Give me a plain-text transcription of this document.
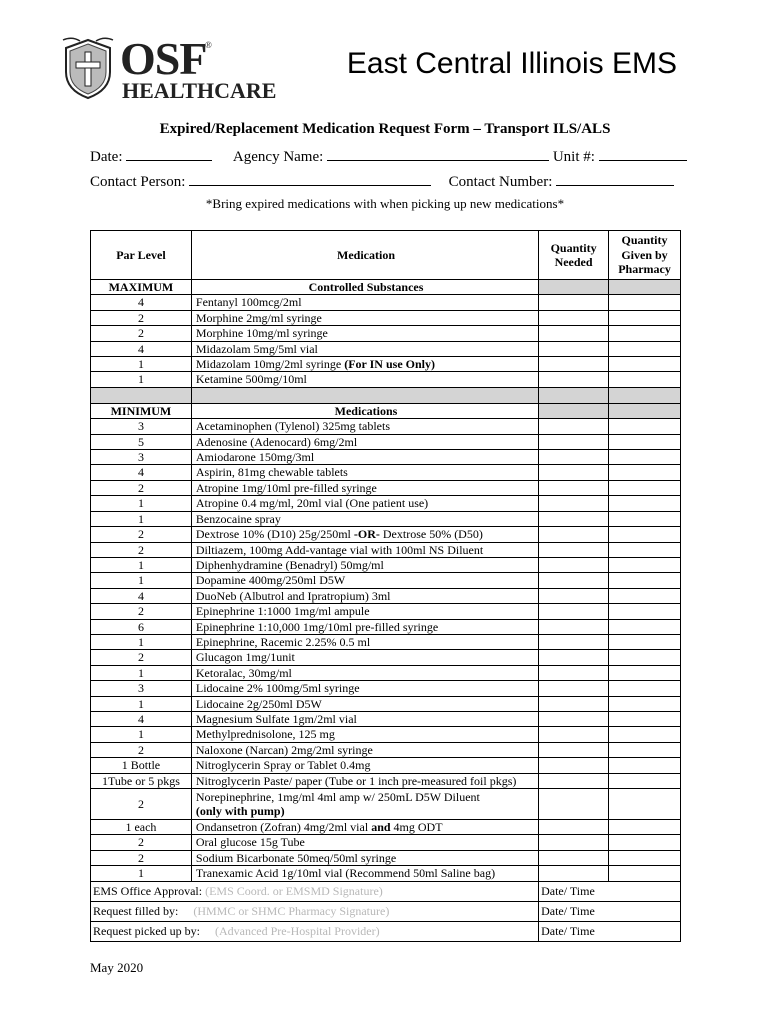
OSF
®
HEALTHCARE
East Central Illinois EMS
Expired/Replacement Medication Request Form – Transport ILS/ALS
Date:	Agency Name:	Unit #:
Contact Person:	Contact Number:
*Bring expired medications with when picking up new medications*
Par Level	Medication	Quantity Needed	Quantity Given by Pharmacy
MAXIMUM	Controlled Substances		
4	Fentanyl 100mcg/2ml		
2	Morphine 2mg/ml syringe		
2	Morphine 10mg/ml syringe		
4	Midazolam 5mg/5ml vial		
1	Midazolam 10mg/2ml syringe (For IN use Only)		
1	Ketamine 500mg/10ml		

MINIMUM	Medications		
3	Acetaminophen (Tylenol) 325mg tablets		
5	Adenosine (Adenocard) 6mg/2ml		
3	Amiodarone 150mg/3ml		
4	Aspirin, 81mg chewable tablets		
2	Atropine 1mg/10ml pre-filled syringe		
1	Atropine 0.4 mg/ml, 20ml vial (One patient use)		
1	Benzocaine spray		
2	Dextrose 10% (D10) 25g/250ml -OR- Dextrose 50% (D50)		
2	Diltiazem, 100mg Add-vantage vial with 100ml NS Diluent		
1	Diphenhydramine (Benadryl) 50mg/ml		
1	Dopamine 400mg/250ml D5W		
4	DuoNeb (Albutrol and Ipratropium) 3ml		
2	Epinephrine 1:1000 1mg/ml ampule		
6	Epinephrine 1:10,000 1mg/10ml pre-filled syringe		
1	Epinephrine, Racemic 2.25% 0.5 ml		
2	Glucagon 1mg/1unit		
1	Ketoralac, 30mg/ml		
3	Lidocaine 2% 100mg/5ml syringe		
1	Lidocaine 2g/250ml D5W		
4	Magnesium Sulfate 1gm/2ml vial		
1	Methylprednisolone, 125 mg		
2	Naloxone (Narcan) 2mg/2ml syringe		
1 Bottle	Nitroglycerin Spray or Tablet 0.4mg		
1Tube or 5 pkgs	Nitroglycerin Paste/ paper (Tube or 1 inch pre-measured foil pkgs)		
2	Norepinephrine, 1mg/ml 4ml amp w/ 250mL D5W Diluent
(only with pump)		

1 each	Ondansetron (Zofran) 4mg/2ml vial and 4mg ODT		
2	Oral glucose 15g Tube		
2	Sodium Bicarbonate 50meq/50ml syringe		
1	Tranexamic Acid 1g/10ml vial (Recommend 50ml Saline bag)		
EMS Office Approval: (EMS Coord. or EMSMD Signature)		Date/ Time	
Request filled by:     (HMMC or SHMC Pharmacy Signature)		Date/ Time	
Request picked up by:     (Advanced Pre-Hospital Provider)		Date/ Time	
May 2020
